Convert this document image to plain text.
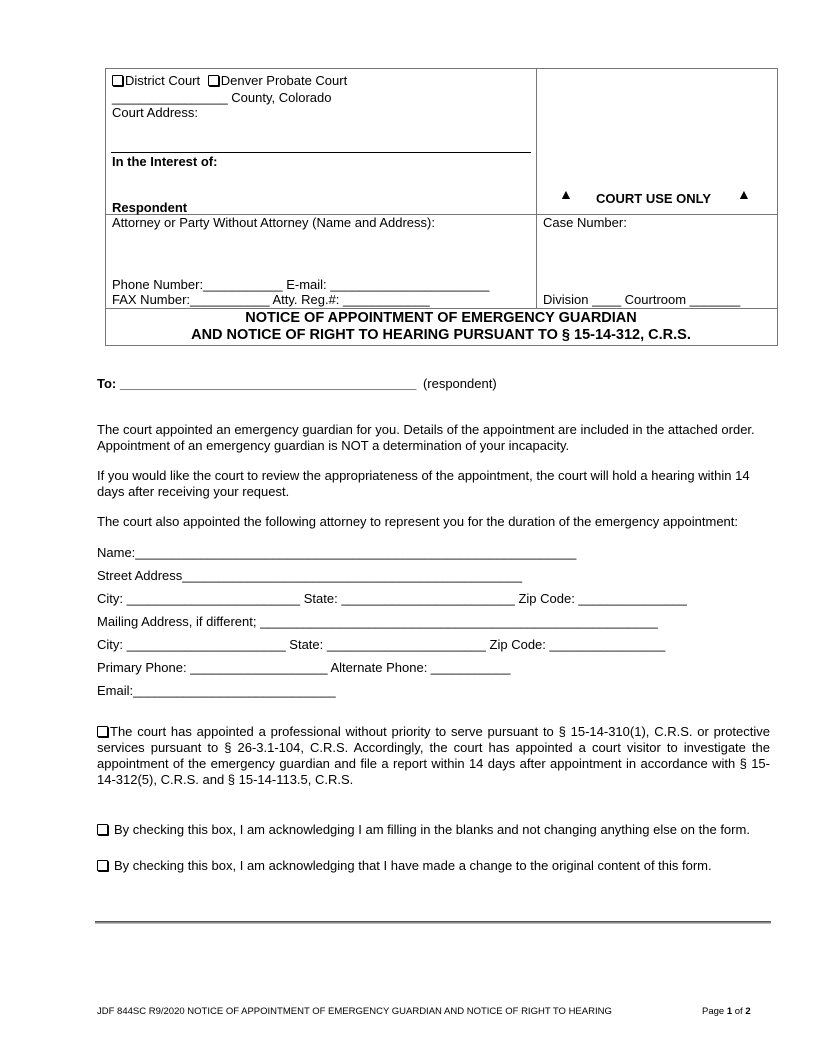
District Court Denver Probate Court
________________ County, Colorado
Court Address:
In the Interest of:
Respondent
▲ COURT USE ONLY ▲
Attorney or Party Without Attorney (Name and Address):
Phone Number:___________ E-mail: ______________________
FAX Number:___________ Atty. Reg.#: ____________
Case Number:
Division ____ Courtroom _______
NOTICE OF APPOINTMENT OF EMERGENCY GUARDIAN
AND NOTICE OF RIGHT TO HEARING PURSUANT TO § 15-14-312, C.R.S.
To: _________________________________________ (respondent)
The court appointed an emergency guardian for you. Details of the appointment are included in the attached order. Appointment of an emergency guardian is NOT a determination of your incapacity.
If you would like the court to review the appropriateness of the appointment, the court will hold a hearing within 14 days after receiving your request.
The court also appointed the following attorney to represent you for the duration of the emergency appointment:
Name:_____________________________________________________________
Street Address_______________________________________________
City: ________________________ State: ________________________ Zip Code: _______________
Mailing Address, if different; _______________________________________________________
City: ______________________ State: ______________________ Zip Code: ________________
Primary Phone: ___________________ Alternate Phone: ___________
Email:____________________________
The court has appointed a professional without priority to serve pursuant to § 15-14-310(1), C.R.S. or protective services pursuant to § 26-3.1-104, C.R.S. Accordingly, the court has appointed a court visitor to investigate the appointment of the emergency guardian and file a report within 14 days after appointment in accordance with § 15-14-312(5), C.R.S. and § 15-14-113.5, C.R.S.
By checking this box, I am acknowledging I am filling in the blanks and not changing anything else on the form.
By checking this box, I am acknowledging that I have made a change to the original content of this form.
JDF 844SC R9/2020 NOTICE OF APPOINTMENT OF EMERGENCY GUARDIAN AND NOTICE OF RIGHT TO HEARING	Page 1 of 2
